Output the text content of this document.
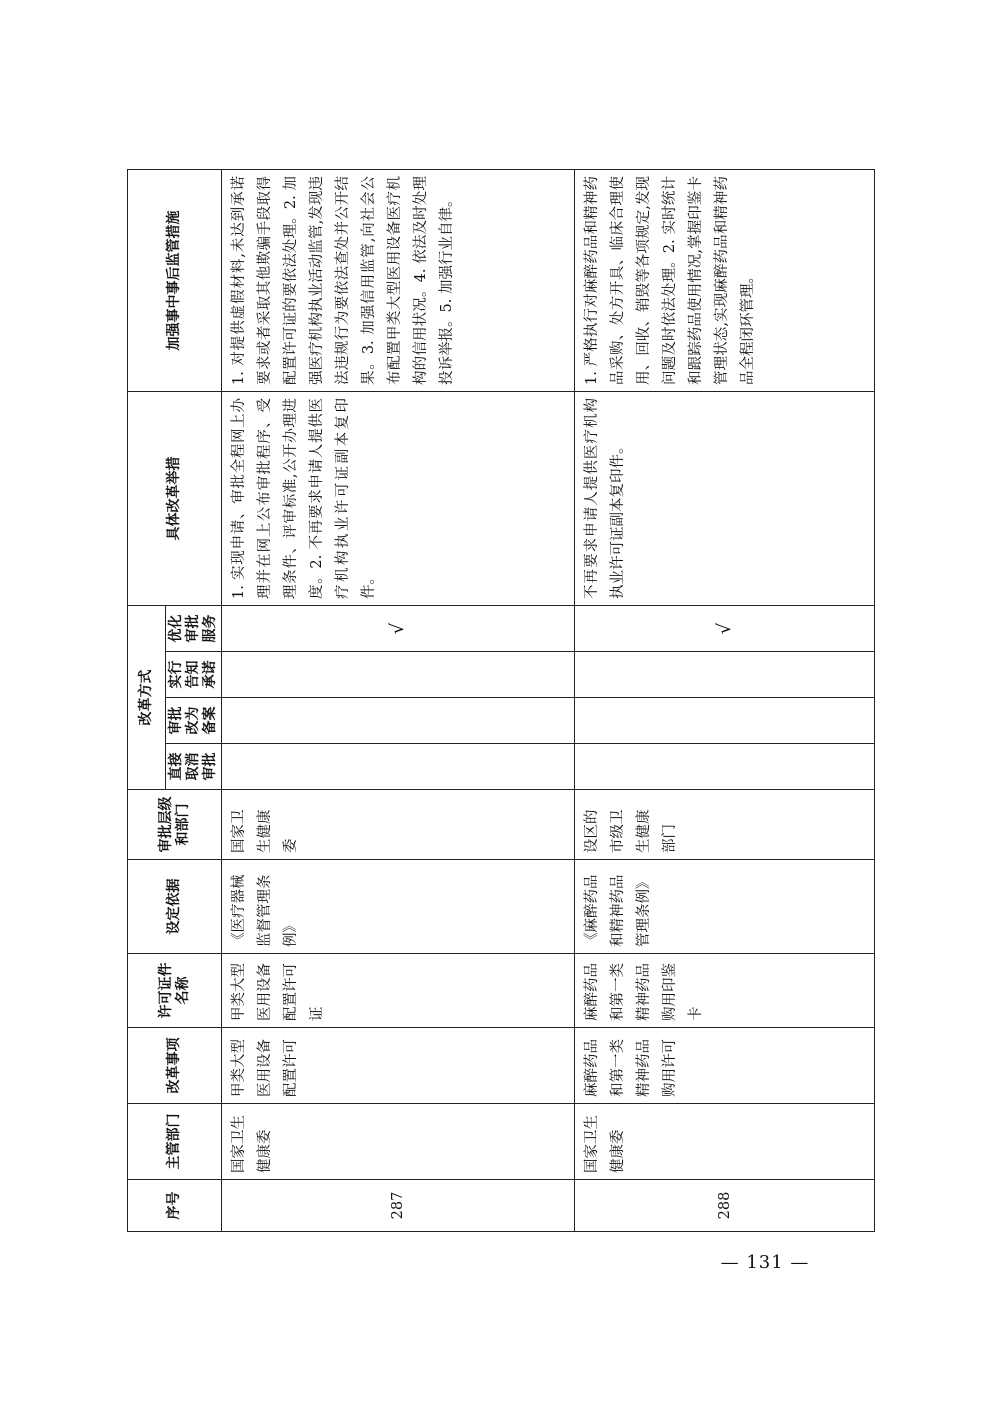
序号	主管部门	改革事项	许可证件名称	设定依据	审批层级和部门	改革方式				具体改革举措	加强事中事后监管措施
						直接取消审批	审批改为备案	实行告知承诺	优化审批服务		
287	国家卫生健康委	甲类大型医用设备配置许可	甲类大型医用设备配置许可证	《医疗器械监督管理条例》	国家卫生健康委				√	1. 实现申请、审批全程网上办理并在网上公布审批程序、受理条件、评审标准,公开办理进度。2. 不再要求申请人提供医疗机构执业许可证副本复印件。	1. 对提供虚假材料,未达到承诺要求或者采取其他欺骗手段取得配置许可证的要依法处理。2. 加强医疗机构执业活动监管,发现违法违规行为要依法查处并公开结果。3. 加强信用监管,向社会公布配置甲类大型医用设备医疗机构的信用状况。4. 依法及时处理投诉举报。5. 加强行业自律。
288	国家卫生健康委	麻醉药品和第一类精神药品购用许可	麻醉药品和第一类精神药品购用印鉴卡	《麻醉药品和精神药品管理条例》	设区的市级卫生健康部门				√	不再要求申请人提供医疗机构执业许可证副本复印件。	1. 严格执行对麻醉药品和精神药品采购、处方开具、临床合理使用、回收、销毁等各项规定,发现问题及时依法处理。2. 实时统计和跟踪药品使用情况,掌握印鉴卡管理状态,实现麻醉药品和精神药品全程闭环管理。
— 131 —
